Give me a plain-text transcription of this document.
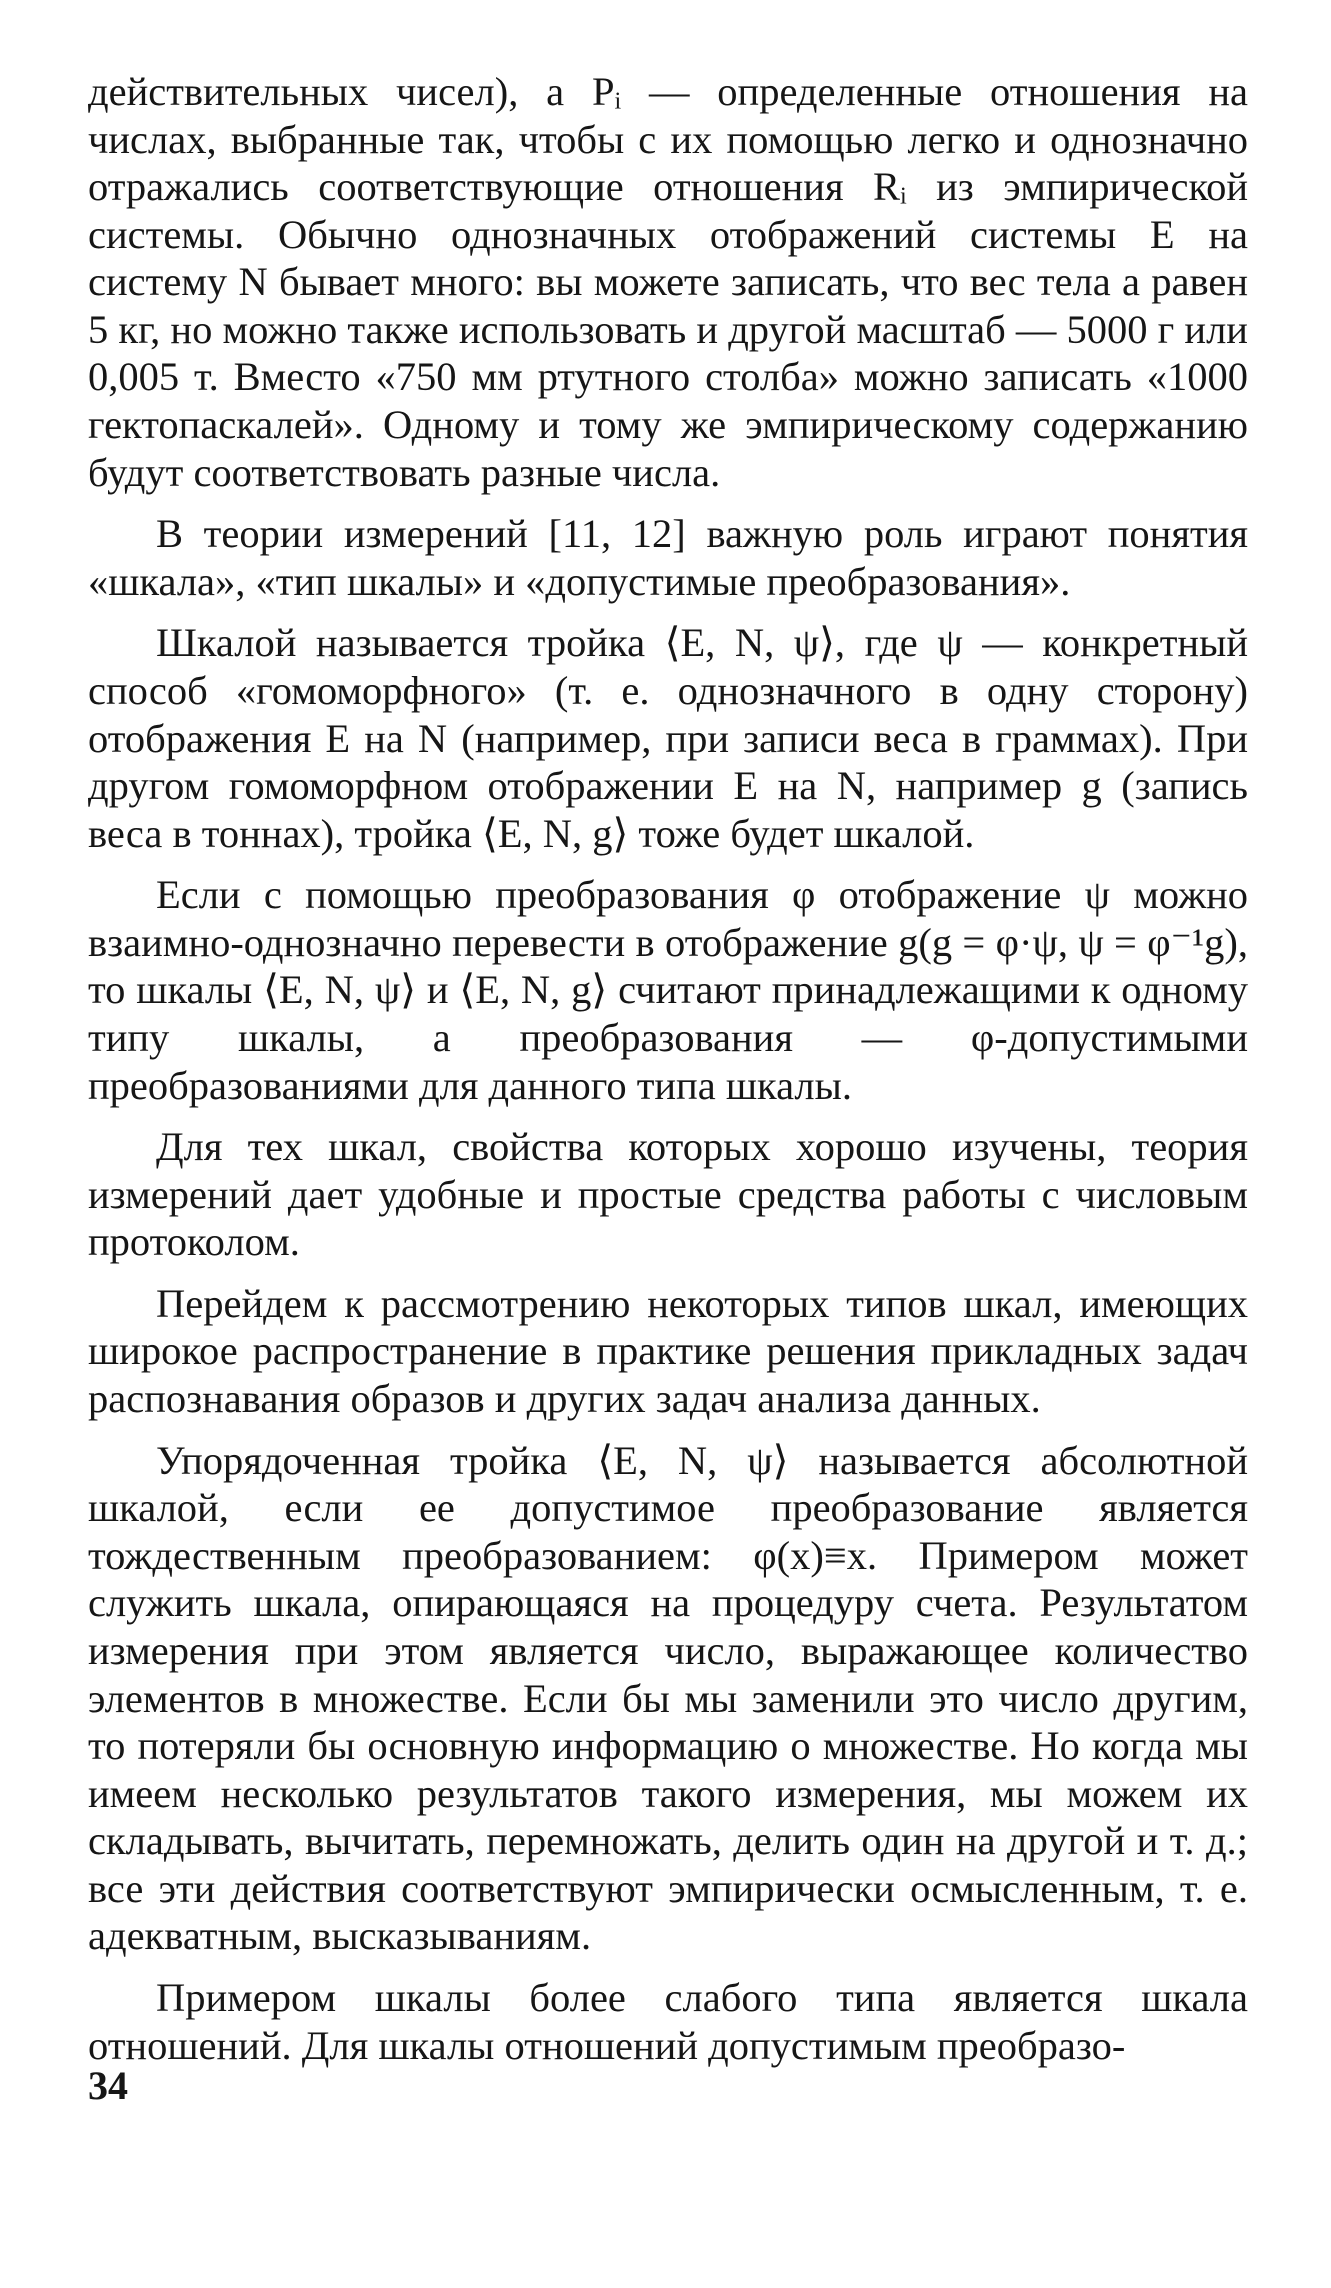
действительных чисел), а Pᵢ — определенные отношения на числах, выбранные так, чтобы с их помощью легко и однозначно отражались соответствующие отношения Rᵢ из эмпирической системы. Обычно однозначных отображений системы E на систему N бывает много: вы можете записать, что вес тела a равен 5 кг, но можно также использовать и другой масштаб — 5000 г или 0,005 т. Вместо «750 мм ртутного столба» можно записать «1000 гектопаскалей». Одному и тому же эмпирическому содержанию будут соответствовать разные числа.

В теории измерений [11, 12] важную роль играют понятия «шкала», «тип шкалы» и «допустимые преобразования».

Шкалой называется тройка ⟨E, N, ψ⟩, где ψ — конкретный способ «гомоморфного» (т. е. однозначного в одну сторону) отображения E на N (например, при записи веса в граммах). При другом гомоморфном отображении E на N, например g (запись веса в тоннах), тройка ⟨E, N, g⟩ тоже будет шкалой.

Если с помощью преобразования φ отображение ψ можно взаимно-однозначно перевести в отображение g(g = φ·ψ, ψ = φ⁻¹g), то шкалы ⟨E, N, ψ⟩ и ⟨E, N, g⟩ считают принадлежащими к одному типу шкалы, а преобразования — φ-допустимыми преобразованиями для данного типа шкалы.

Для тех шкал, свойства которых хорошо изучены, теория измерений дает удобные и простые средства работы с числовым протоколом.

Перейдем к рассмотрению некоторых типов шкал, имеющих широкое распространение в практике решения прикладных задач распознавания образов и других задач анализа данных.

Упорядоченная тройка ⟨E, N, ψ⟩ называется абсолютной шкалой, если ее допустимое преобразование является тождественным преобразованием: φ(x)≡x. Примером может служить шкала, опирающаяся на процедуру счета. Результатом измерения при этом является число, выражающее количество элементов в множестве. Если бы мы заменили это число другим, то потеряли бы основную информацию о множестве. Но когда мы имеем несколько результатов такого измерения, мы можем их складывать, вычитать, перемножать, делить один на другой и т. д.; все эти действия соответствуют эмпирически осмысленным, т. е. адекватным, высказываниям.

Примером шкалы более слабого типа является шкала отношений. Для шкалы отношений допустимым преобразо-

34
